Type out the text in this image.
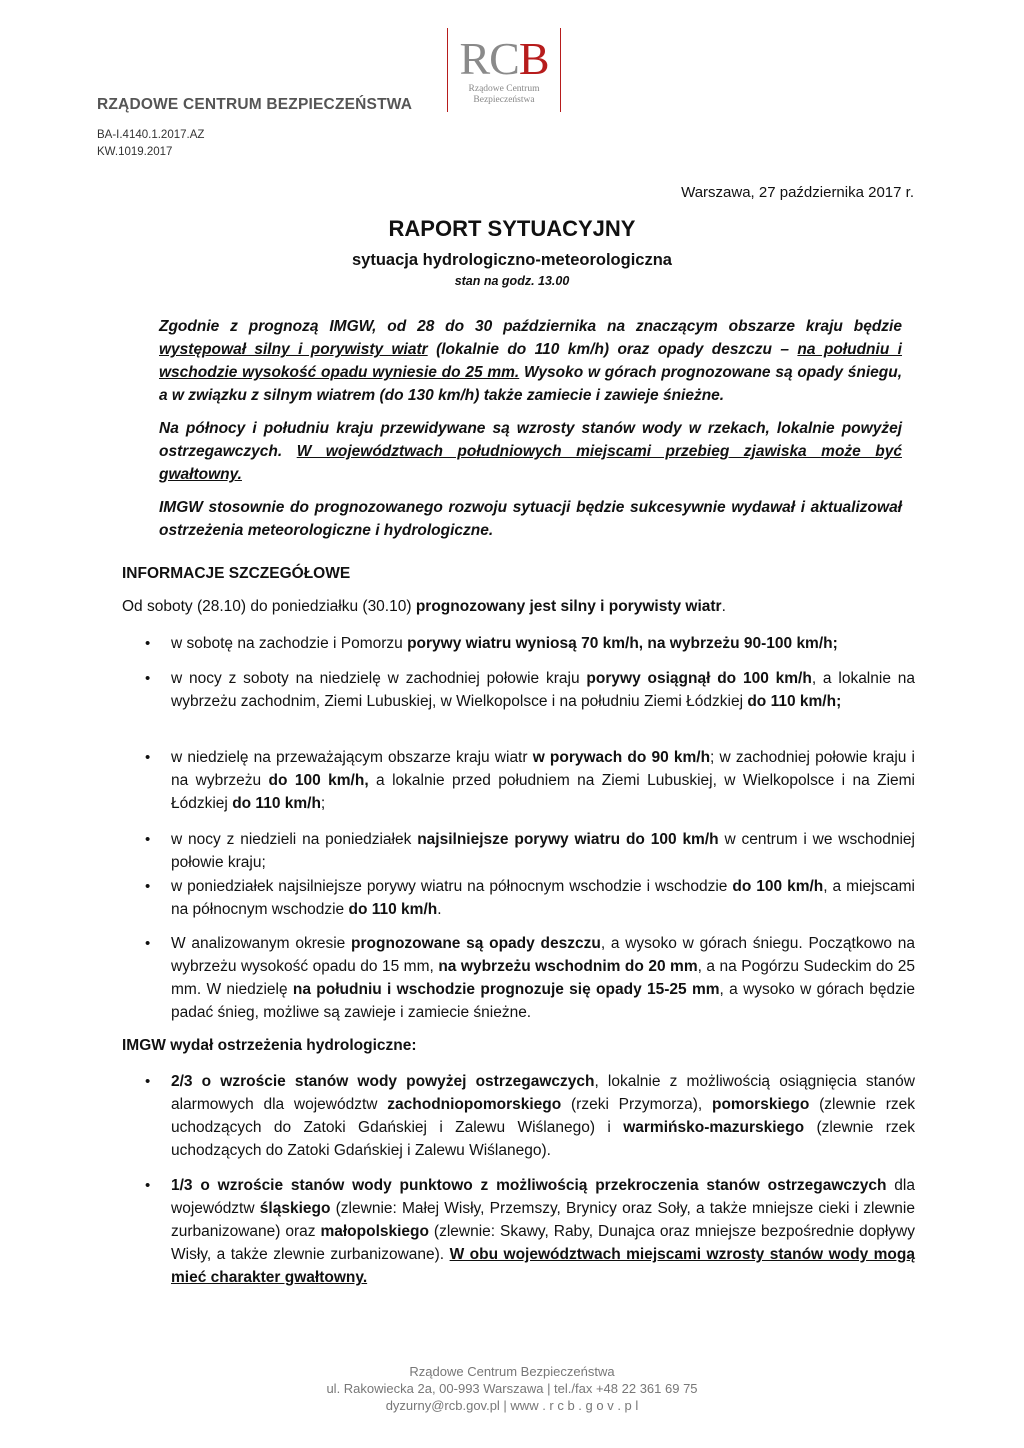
RCB
Rządowe Centrum
Bezpieczeństwa
RZĄDOWE CENTRUM BEZPIECZEŃSTWA
BA-I.4140.1.2017.AZ
KW.1019.2017
Warszawa, 27 października 2017 r.
RAPORT SYTUACYJNY
sytuacja hydrologiczno-meteorologiczna
stan na godz. 13.00

Zgodnie z prognozą IMGW, od 28 do 30 października na znaczącym obszarze kraju będzie występował silny i porywisty wiatr (lokalnie do 110 km/h) oraz opady deszczu – na południu i wschodzie wysokość opadu wyniesie do 25 mm. Wysoko w górach prognozowane są opady śniegu, a w związku z silnym wiatrem (do 130 km/h) także zamiecie i zawieje śnieżne.

Na północy i południu kraju przewidywane są wzrosty stanów wody w rzekach, lokalnie powyżej ostrzegawczych. W województwach południowych miejscami przebieg zjawiska może być gwałtowny.

IMGW stosownie do prognozowanego rozwoju sytuacji będzie sukcesywnie wydawał i aktualizował ostrzeżenia meteorologiczne i hydrologiczne.

INFORMACJE SZCZEGÓŁOWE
Od soboty (28.10) do poniedziałku (30.10) prognozowany jest silny i porywisty wiatr.
• w sobotę na zachodzie i Pomorzu porywy wiatru wyniosą 70 km/h, na wybrzeżu 90-100 km/h;

• w nocy z soboty na niedzielę w zachodniej połowie kraju porywy osiągnął do 100 km/h, a lokalnie na wybrzeżu zachodnim, Ziemi Lubuskiej, w Wielkopolsce i na południu Ziemi Łódzkiej do 110 km/h;

• w niedzielę na przeważającym obszarze kraju wiatr w porywach do 90 km/h; w zachodniej połowie kraju i na wybrzeżu do 100 km/h, a lokalnie przed południem na Ziemi Lubuskiej, w Wielkopolsce i na Ziemi Łódzkiej do 110 km/h;

• w nocy z niedzieli na poniedziałek najsilniejsze porywy wiatru do 100 km/h w centrum i we wschodniej połowie kraju;

• w poniedziałek najsilniejsze porywy wiatru na północnym wschodzie i wschodzie do 100 km/h, a miejscami na północnym wschodzie do 110 km/h.

• W analizowanym okresie prognozowane są opady deszczu, a wysoko w górach śniegu. Początkowo na wybrzeżu wysokość opadu do 15 mm, na wybrzeżu wschodnim do 20 mm, a na Pogórzu Sudeckim do 25 mm. W niedzielę na południu i wschodzie prognozuje się opady 15-25 mm, a wysoko w górach będzie padać śnieg, możliwe są zawieje i zamiecie śnieżne.

IMGW wydał ostrzeżenia hydrologiczne:
• 2/3 o wzroście stanów wody powyżej ostrzegawczych, lokalnie z możliwością osiągnięcia stanów alarmowych dla województw zachodniopomorskiego (rzeki Przymorza), pomorskiego (zlewnie rzek uchodzących do Zatoki Gdańskiej i Zalewu Wiślanego) i warmińsko-mazurskiego (zlewnie rzek uchodzących do Zatoki Gdańskiej i Zalewu Wiślanego).

• 1/3 o wzroście stanów wody punktowo z możliwością przekroczenia stanów ostrzegawczych dla województw śląskiego (zlewnie: Małej Wisły, Przemszy, Brynicy oraz Soły, a także mniejsze cieki i zlewnie zurbanizowane) oraz małopolskiego (zlewnie: Skawy, Raby, Dunajca oraz mniejsze bezpośrednie dopływy Wisły, a także zlewnie zurbanizowane). W obu województwach miejscami wzrosty stanów wody mogą mieć charakter gwałtowny.

Rządowe Centrum Bezpieczeństwa
ul. Rakowiecka 2a, 00-993 Warszawa | tel./fax +48 22 361 69 75
dyzurny@rcb.gov.pl | www . r c b . g o v . p l
